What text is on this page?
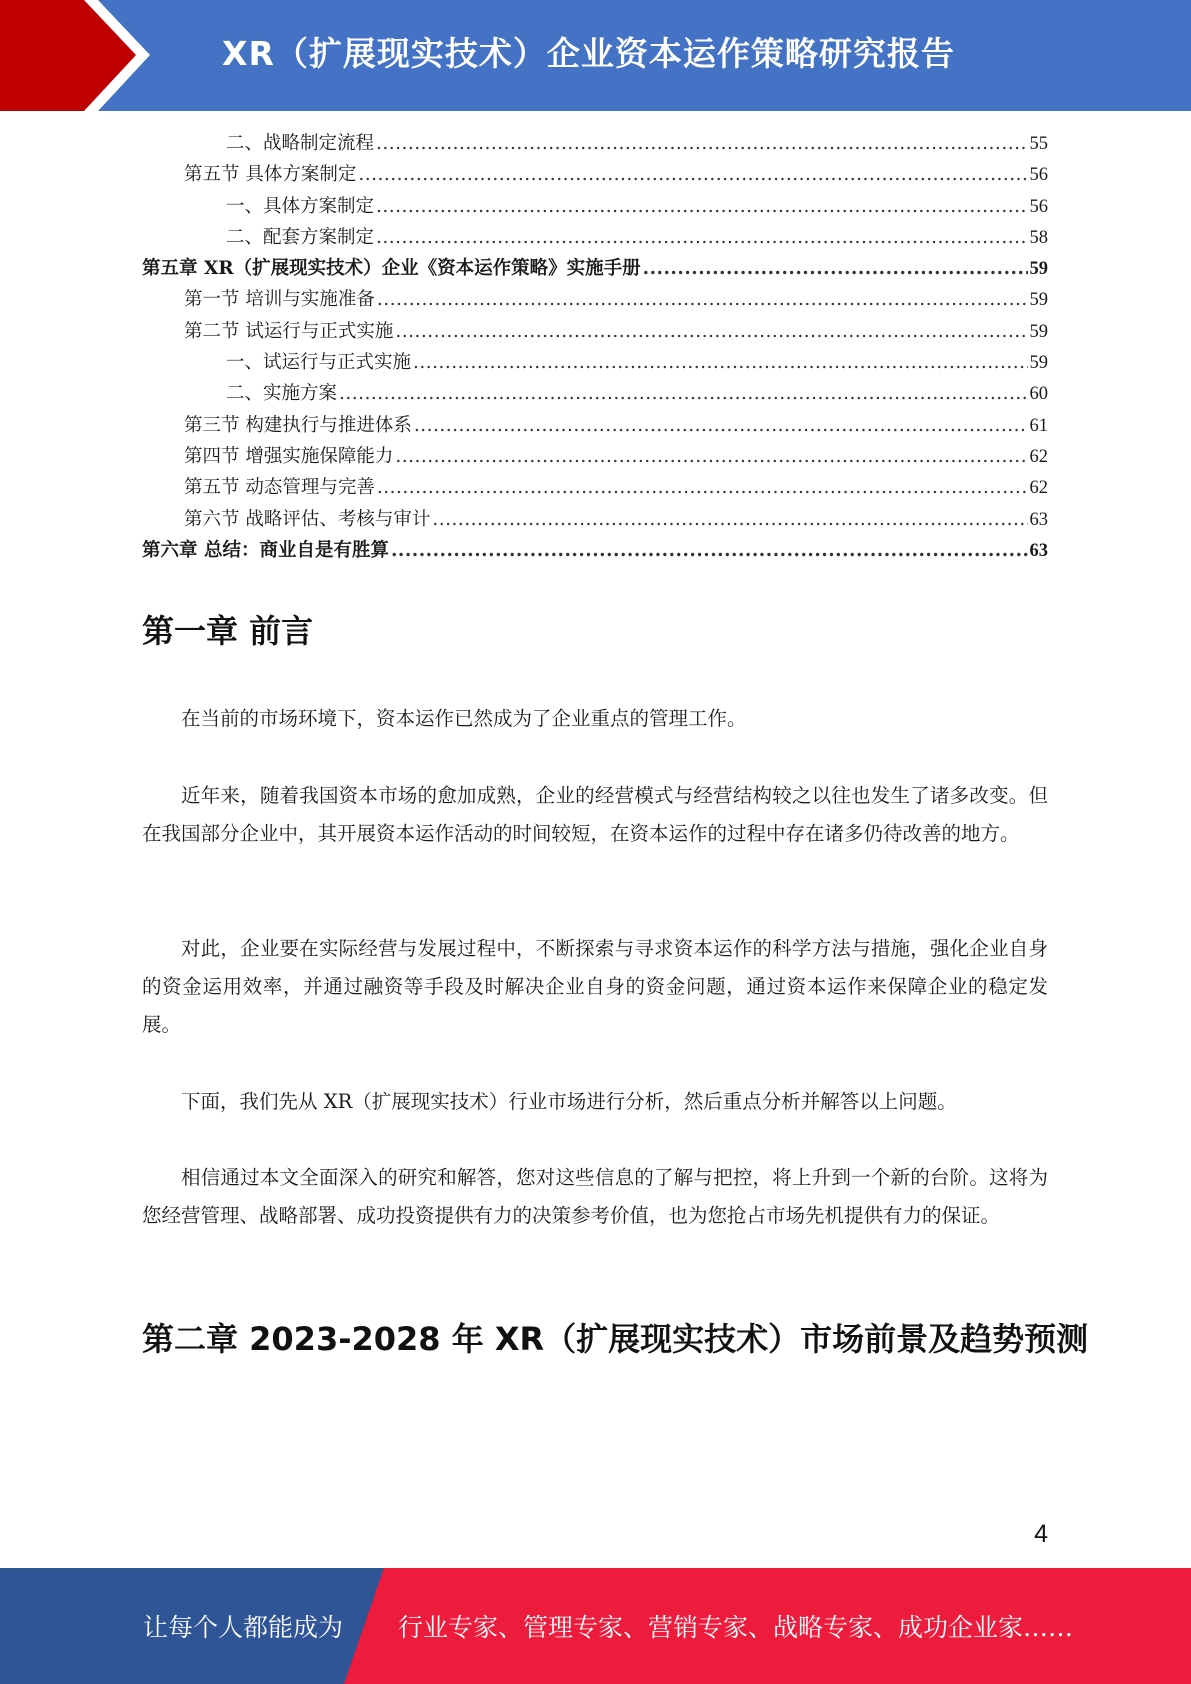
XR（扩展现实技术）企业资本运作策略研究报告
二、战略制定流程 .....	55
第五节 具体方案制定 .....	56
一、具体方案制定 .....	56
二、配套方案制定 .....	58
第五章 XR（扩展现实技术）企业《资本运作策略》实施手册 .....	59
第一节 培训与实施准备 .....	59
第二节 试运行与正式实施 .....	59
一、试运行与正式实施 .....	59
二、实施方案 .....	60
第三节 构建执行与推进体系 .....	61
第四节 增强实施保障能力 .....	62
第五节 动态管理与完善 .....	62
第六节 战略评估、考核与审计 .....	63
第六章 总结：商业自是有胜算 .....	63
第一章 前言

在当前的市场环境下，资本运作已然成为了企业重点的管理工作。

近年来，随着我国资本市场的愈加成熟，企业的经营模式与经营结构较之以往也发生了诸多改变。但在我国部分企业中，其开展资本运作活动的时间较短，在资本运作的过程中存在诸多仍待改善的地方。

对此，企业要在实际经营与发展过程中，不断探索与寻求资本运作的科学方法与措施，强化企业自身的资金运用效率，并通过融资等手段及时解决企业自身的资金问题，通过资本运作来保障企业的稳定发展。

下面，我们先从 XR（扩展现实技术）行业市场进行分析，然后重点分析并解答以上问题。

相信通过本文全面深入的研究和解答，您对这些信息的了解与把控，将上升到一个新的台阶。这将为您经营管理、战略部署、成功投资提供有力的决策参考价值，也为您抢占市场先机提供有力的保证。

第二章 2023-2028 年 XR（扩展现实技术）市场前景及趋势预测
4
让每个人都能成为 行业专家、管理专家、营销专家、战略专家、成功企业家……
